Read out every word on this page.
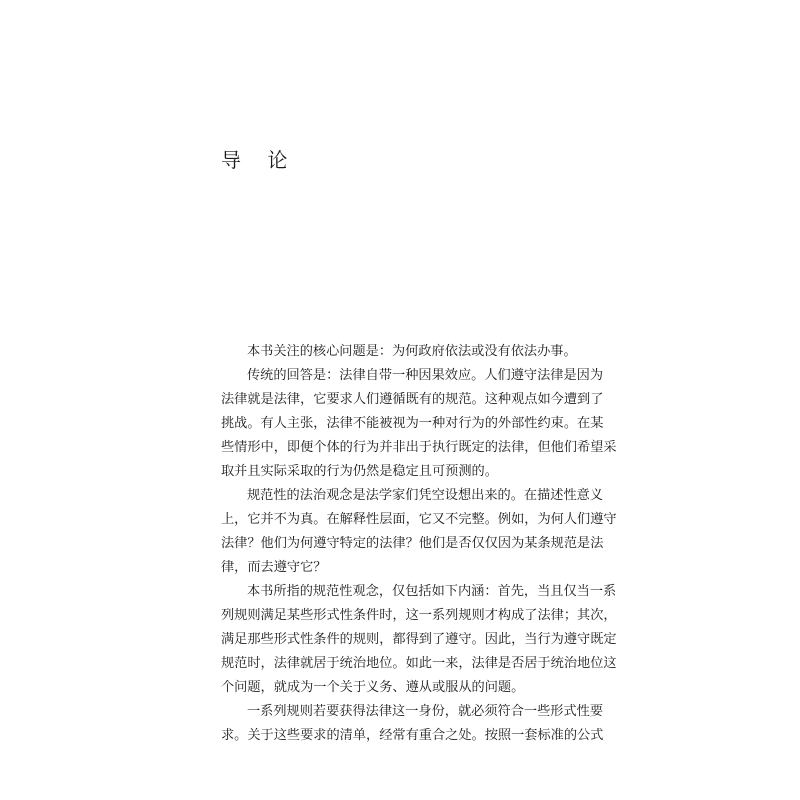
导 论
本书关注的核心问题是：为何政府依法或没有依法办事。
传统的回答是：法律自带一种因果效应。人们遵守法律是因为
法律就是法律，它要求人们遵循既有的规范。这种观点如今遭到了
挑战。有人主张，法律不能被视为一种对行为的外部性约束。在某
些情形中，即便个体的行为并非出于执行既定的法律，但他们希望采
取并且实际采取的行为仍然是稳定且可预测的。
规范性的法治观念是法学家们凭空设想出来的。在描述性意义
上，它并不为真。在解释性层面，它又不完整。例如，为何人们遵守
法律？他们为何遵守特定的法律？他们是否仅仅因为某条规范是法
律，而去遵守它？
本书所指的规范性观念，仅包括如下内涵：首先，当且仅当一系
列规则满足某些形式性条件时，这一系列规则才构成了法律；其次，
满足那些形式性条件的规则，都得到了遵守。因此，当行为遵守既定
规范时，法律就居于统治地位。如此一来，法律是否居于统治地位这
个问题，就成为一个关于义务、遵从或服从的问题。
一系列规则若要获得法律这一身份，就必须符合一些形式性要
求。关于这些要求的清单，经常有重合之处。按照一套标准的公式
